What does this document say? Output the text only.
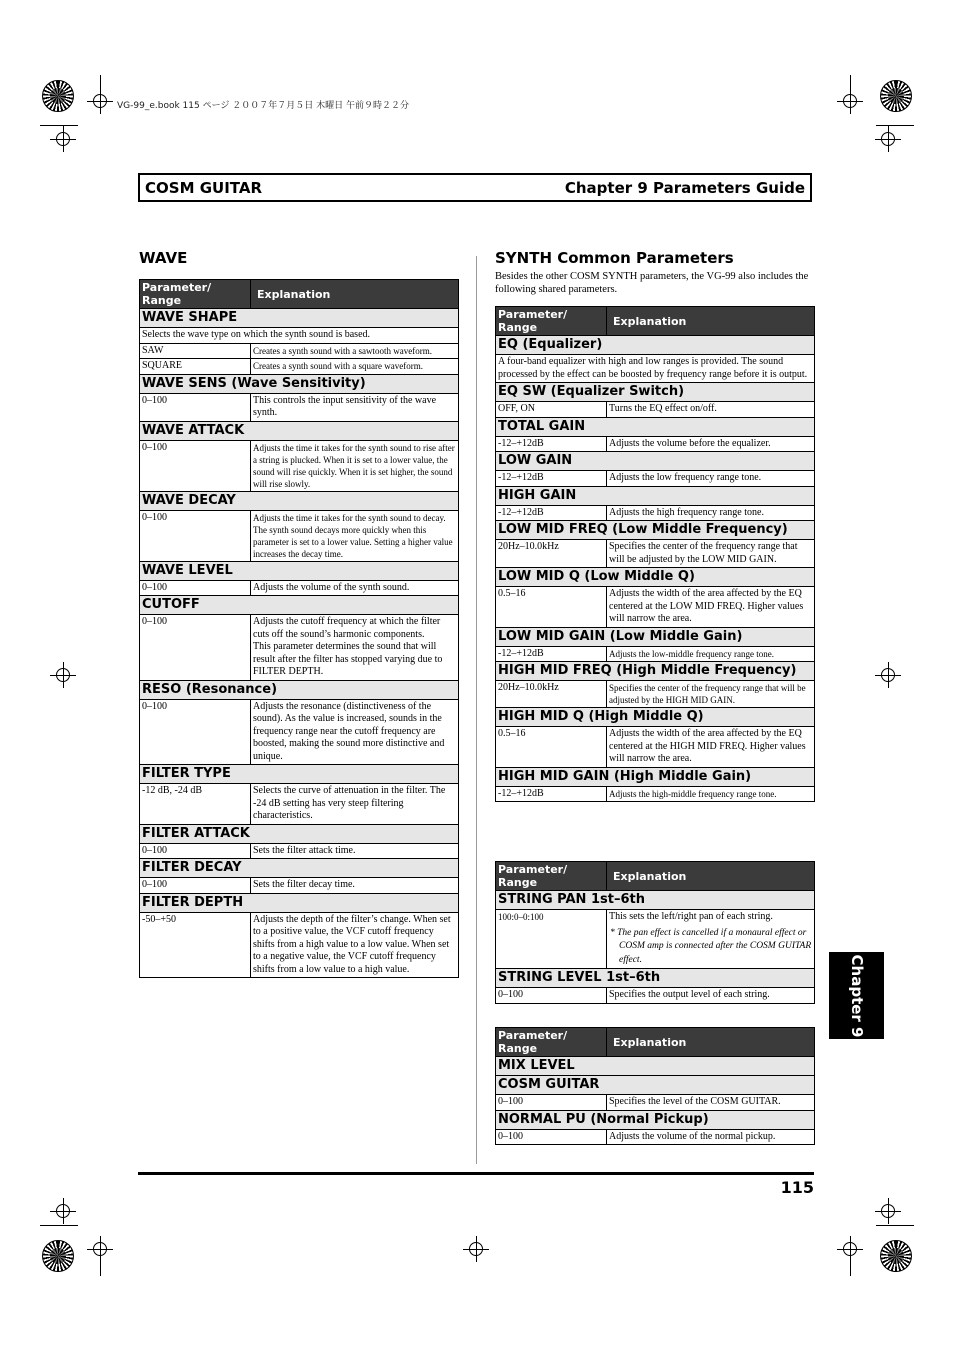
VG-99_e.book 115 ページ ２００７年７月５日 木曜日 午前９時２２分
COSM GUITAR	Chapter 9 Parameters Guide
WAVE	SYNTH Common Parameters
Besides the other COSM SYNTH parameters, the VG-99 also includes the following shared parameters.
Parameter/
Range	Explanation
WAVE SHAPE	
Selects the wave type on which the synth sound is based.	
SAW	Creates a synth sound with a sawtooth waveform.
SQUARE	Creates a synth sound with a square waveform.
WAVE SENS (Wave Sensitivity)	
0–100	This controls the input sensitivity of the wave synth.
WAVE ATTACK	
0–100	Adjusts the time it takes for the synth sound to rise after a string is plucked. When it is set to a lower value, the sound will rise quickly. When it is set higher, the sound will rise slowly.
WAVE DECAY	
0–100	Adjusts the time it takes for the synth sound to decay. The synth sound decays more quickly when this parameter is set to a lower value. Setting a higher value increases the decay time.
WAVE LEVEL	
0–100	Adjusts the volume of the synth sound.
CUTOFF	
0–100	Adjusts the cutoff frequency at which the filter cuts off the sound’s harmonic components.
This parameter determines the sound that will result after the filter has stopped varying due to FILTER DEPTH.
RESO (Resonance)	
0–100	Adjusts the resonance (distinctiveness of the sound). As the value is increased, sounds in the frequency range near the cutoff frequency are boosted, making the sound more distinctive and unique.
FILTER TYPE	
-12 dB, -24 dB	Selects the curve of attenuation in the filter. The -24 dB setting has very steep filtering characteristics.
FILTER ATTACK	
0–100	Sets the filter attack time.
FILTER DECAY	
0–100	Sets the filter decay time.
FILTER DEPTH	
-50–+50	Adjusts the depth of the filter’s change. When set to a positive value, the VCF cutoff frequency shifts from a high value to a low value. When set to a negative value, the VCF cutoff frequency shifts from a low value to a high value.
Parameter/
Range	Explanation
EQ (Equalizer)	
A four-band equalizer with high and low ranges is provided. The sound processed by the effect can be boosted by frequency range before it is output.	
EQ SW (Equalizer Switch)	
OFF, ON	Turns the EQ effect on/off.
TOTAL GAIN	
-12–+12dB	Adjusts the volume before the equalizer.
LOW GAIN	
-12–+12dB	Adjusts the low frequency range tone.
HIGH GAIN	
-12–+12dB	Adjusts the high frequency range tone.
LOW MID FREQ (Low Middle Frequency)	
20Hz–10.0kHz	Specifies the center of the frequency range that will be adjusted by the LOW MID GAIN.
LOW MID Q (Low Middle Q)	
0.5–16	Adjusts the width of the area affected by the EQ centered at the LOW MID FREQ. Higher values will narrow the area.
LOW MID GAIN (Low Middle Gain)	
-12–+12dB	Adjusts the low-middle frequency range tone.
HIGH MID FREQ (High Middle Frequency)	
20Hz–10.0kHz	Specifies the center of the frequency range that will be adjusted by the HIGH MID GAIN.
HIGH MID Q (High Middle Q)	
0.5–16	Adjusts the width of the area affected by the EQ centered at the HIGH MID FREQ. Higher values will narrow the area.
HIGH MID GAIN (High Middle Gain)	
-12–+12dB	Adjusts the high-middle frequency range tone.
Parameter/
Range	Explanation
STRING PAN 1st–6th	
100:0–0:100	This sets the left/right pan of each string.
* The pan effect is cancelled if a monaural effect or COSM amp is connected after the COSM GUITAR effect.

STRING LEVEL 1st–6th	
0–100	Specifies the output level of each string.
Parameter/
Range	Explanation
MIX LEVEL	
COSM GUITAR	
0–100	Specifies the level of the COSM GUITAR.
NORMAL PU (Normal Pickup)	
0–100	Adjusts the volume of the normal pickup.
115
Chapter 9
